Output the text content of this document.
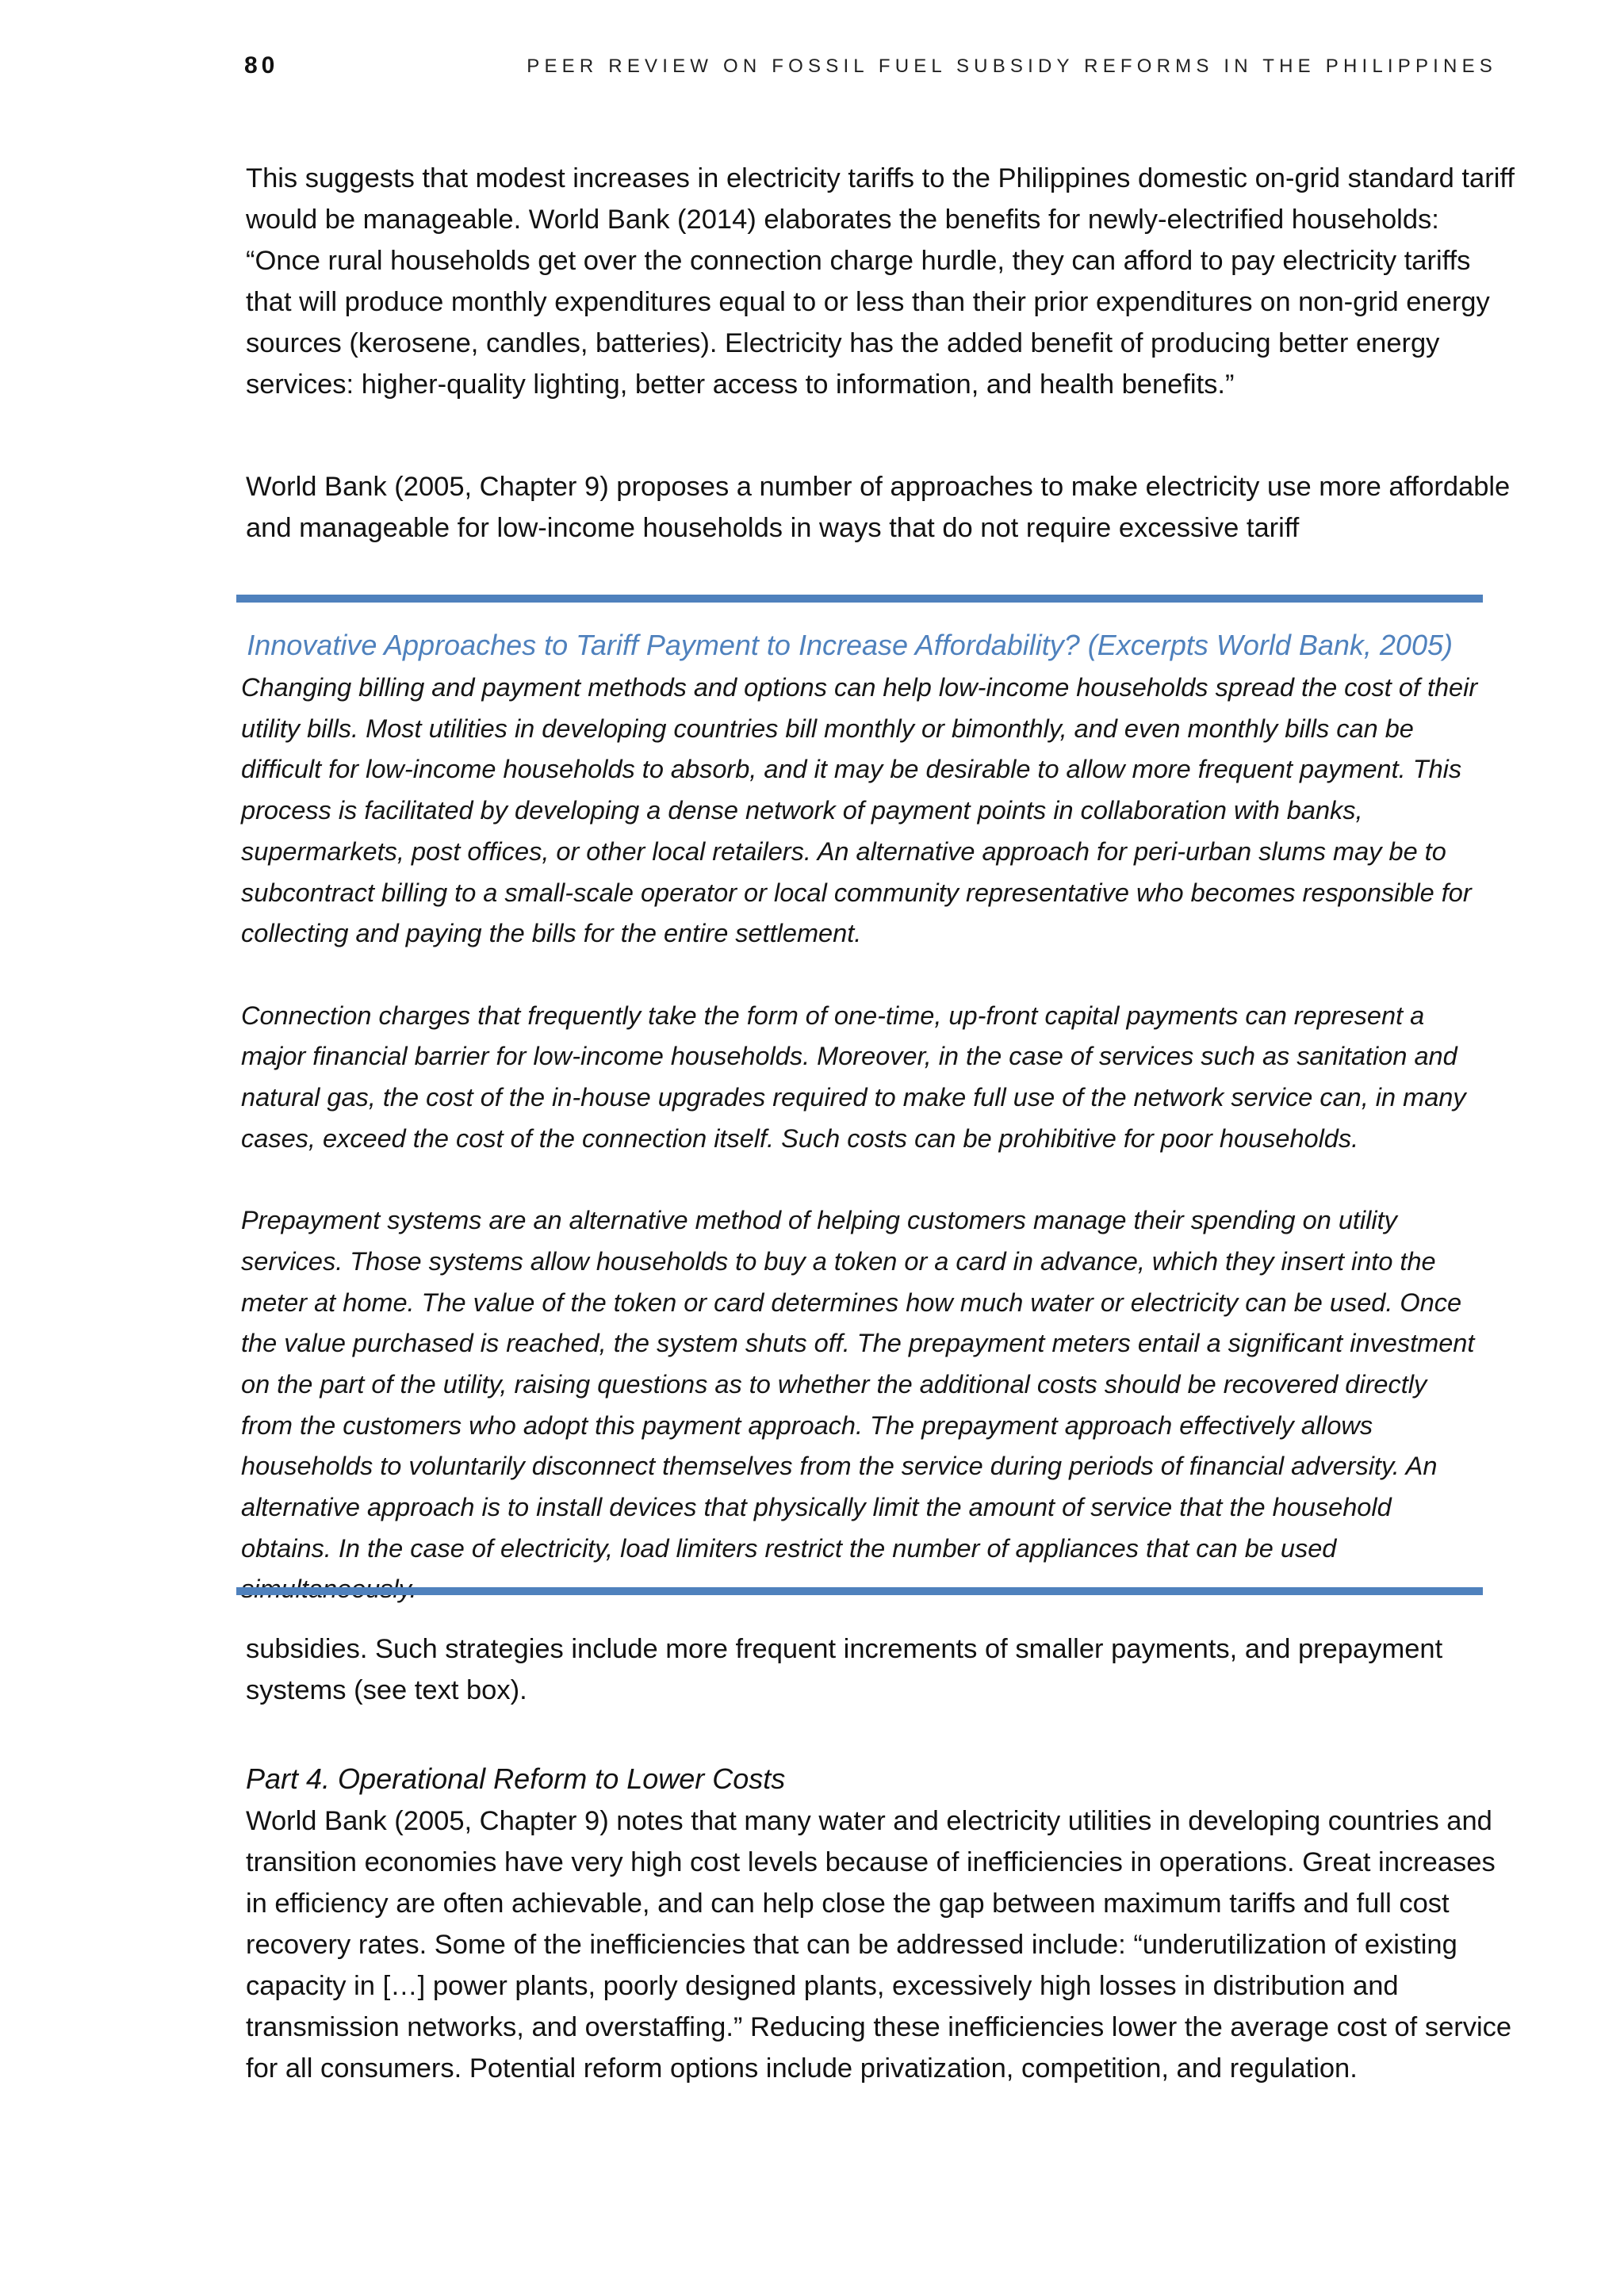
80	PEER REVIEW ON FOSSIL FUEL SUBSIDY REFORMS IN THE PHILIPPINES

This suggests that modest increases in electricity tariffs to the Philippines domestic on-grid standard tariff would be manageable. World Bank (2014) elaborates the benefits for newly-electrified households: “Once rural households get over the connection charge hurdle, they can afford to pay electricity tariffs that will produce monthly expenditures equal to or less than their prior expenditures on non-grid energy sources (kerosene, candles, batteries). Electricity has the added benefit of producing better energy services: higher-quality lighting, better access to information, and health benefits.”

World Bank (2005, Chapter 9) proposes a number of approaches to make electricity use more affordable and manageable for low-income households in ways that do not require excessive tariff

Innovative Approaches to Tariff Payment to Increase Affordability? (Excerpts World Bank, 2005)

Changing billing and payment methods and options can help low-income households spread the cost of their utility bills. Most utilities in developing countries bill monthly or bimonthly, and even monthly bills can be difficult for low-income households to absorb, and it may be desirable to allow more frequent payment. This process is facilitated by developing a dense network of payment points in collaboration with banks, supermarkets, post offices, or other local retailers. An alternative approach for peri-urban slums may be to subcontract billing to a small-scale operator or local community representative who becomes responsible for collecting and paying the bills for the entire settlement.

Connection charges that frequently take the form of one-time, up-front capital payments can represent a major financial barrier for low-income households. Moreover, in the case of services such as sanitation and natural gas, the cost of the in-house upgrades required to make full use of the network service can, in many cases, exceed the cost of the connection itself. Such costs can be prohibitive for poor households.

Prepayment systems are an alternative method of helping customers manage their spending on utility services. Those systems allow households to buy a token or a card in advance, which they insert into the meter at home. The value of the token or card determines how much water or electricity can be used. Once the value purchased is reached, the system shuts off. The prepayment meters entail a significant investment on the part of the utility, raising questions as to whether the additional costs should be recovered directly from the customers who adopt this payment approach. The prepayment approach effectively allows households to voluntarily disconnect themselves from the service during periods of financial adversity. An alternative approach is to install devices that physically limit the amount of service that the household obtains. In the case of electricity, load limiters restrict the number of appliances that can be used

subsidies. Such strategies include more frequent increments of smaller payments, and prepayment systems (see text box).

Part 4. Operational Reform to Lower Costs

World Bank (2005, Chapter 9) notes that many water and electricity utilities in developing countries and transition economies have very high cost levels because of inefficiencies in operations. Great increases in efficiency are often achievable, and can help close the gap between maximum tariffs and full cost recovery rates. Some of the inefficiencies that can be addressed include: “underutilization of existing capacity in […] power plants, poorly designed plants, excessively high losses in distribution and transmission networks, and overstaffing.” Reducing these inefficiencies lower the average cost of service for all consumers. Potential reform options include privatization, competition, and regulation.
